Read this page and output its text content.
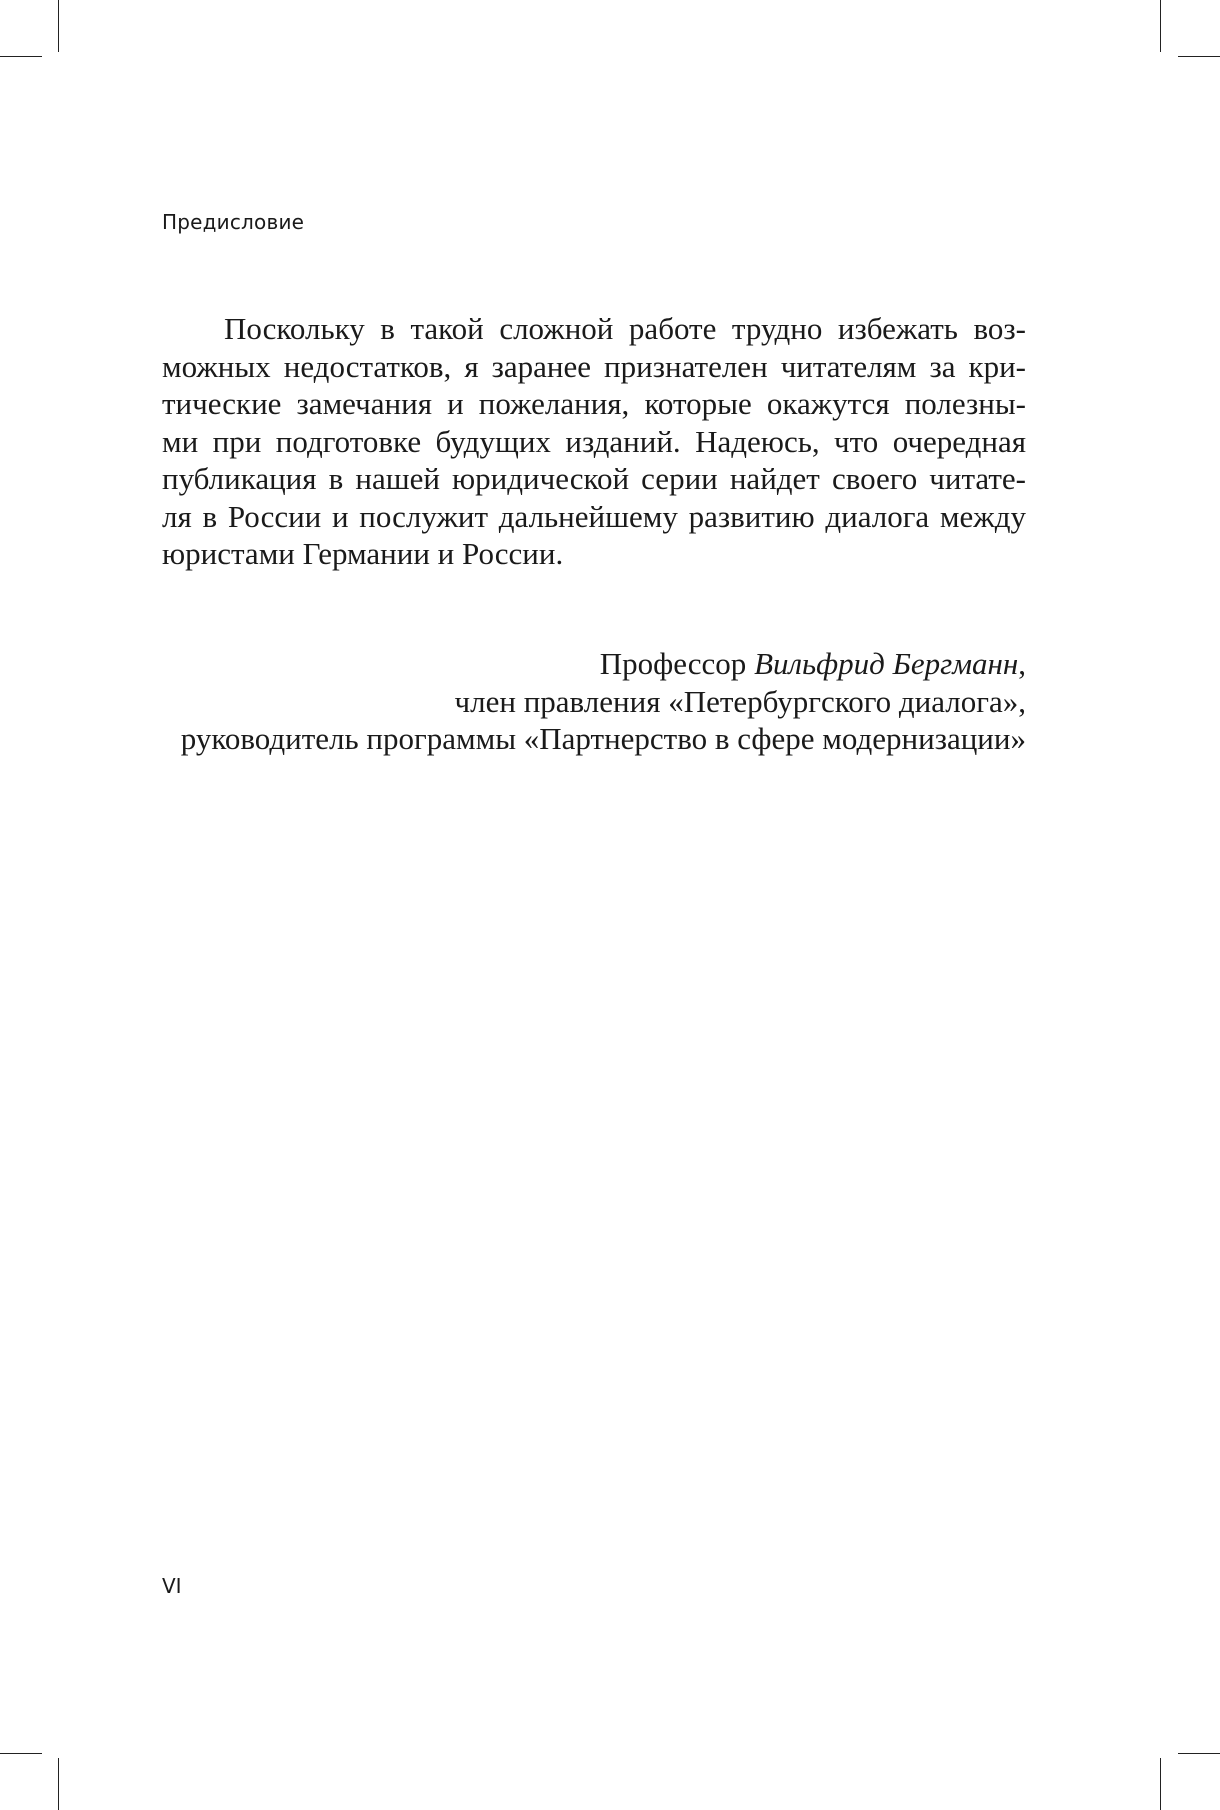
Предисловие
Поскольку в такой сложной работе трудно избежать воз-
можных недостатков, я заранее признателен читателям за кри-
тические замечания и пожелания, которые окажутся полезны-
ми при подготовке будущих изданий. Надеюсь, что очередная
публикация в нашей юридической серии найдет своего читате-
ля в России и послужит дальнейшему развитию диалога между
юристами Германии и России.
Профессор Вильфрид Бергманн,
член правления «Петербургского диалога»,
руководитель программы «Партнерство в сфере модернизации»
VI
